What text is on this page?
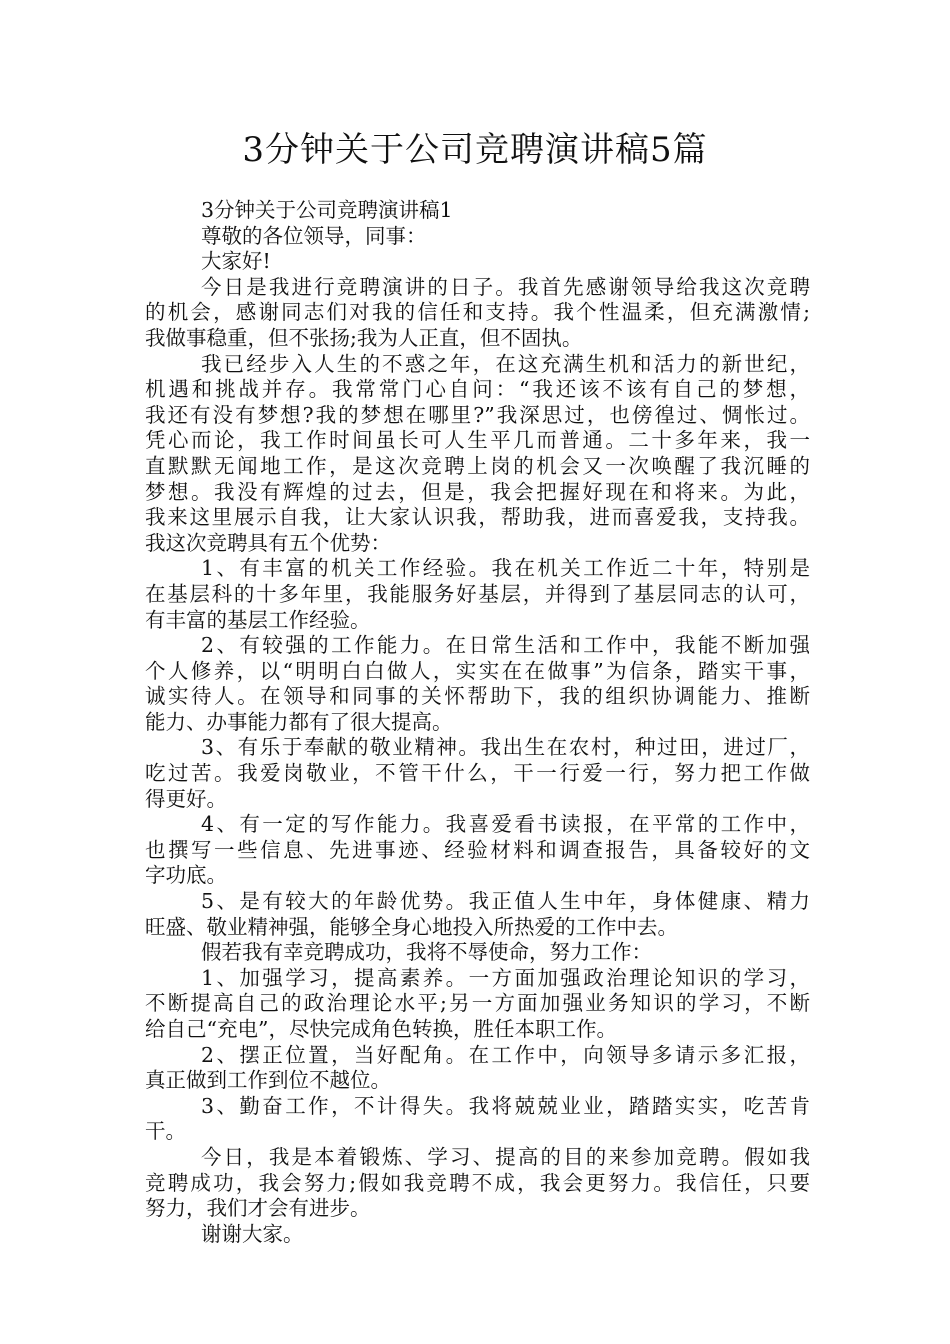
3分钟关于公司竞聘演讲稿5篇
3分钟关于公司竞聘演讲稿1
尊敬的各位领导，同事：
大家好!
今日是我进行竞聘演讲的日子。我首先感谢领导给我这次竞聘
的机会，感谢同志们对我的信任和支持。我个性温柔，但充满激情;
我做事稳重，但不张扬;我为人正直，但不固执。
我已经步入人生的不惑之年，在这充满生机和活力的新世纪，
机遇和挑战并存。我常常门心自问：“我还该不该有自己的梦想，
我还有没有梦想?我的梦想在哪里?”我深思过，也傍徨过、惆怅过。
凭心而论，我工作时间虽长可人生平几而普通。二十多年来，我一
直默默无闻地工作，是这次竞聘上岗的机会又一次唤醒了我沉睡的
梦想。我没有辉煌的过去，但是，我会把握好现在和将来。为此，
我来这里展示自我，让大家认识我，帮助我，进而喜爱我，支持我。
我这次竞聘具有五个优势：
1、有丰富的机关工作经验。我在机关工作近二十年，特别是
在基层科的十多年里，我能服务好基层，并得到了基层同志的认可，
有丰富的基层工作经验。
2、有较强的工作能力。在日常生活和工作中，我能不断加强
个人修养，以“明明白白做人，实实在在做事”为信条，踏实干事，
诚实待人。在领导和同事的关怀帮助下，我的组织协调能力、推断
能力、办事能力都有了很大提高。
3、有乐于奉献的敬业精神。我出生在农村，种过田，进过厂，
吃过苦。我爱岗敬业，不管干什么，干一行爱一行，努力把工作做
得更好。
4、有一定的写作能力。我喜爱看书读报，在平常的工作中，
也撰写一些信息、先进事迹、经验材料和调查报告，具备较好的文
字功底。
5、是有较大的年龄优势。我正值人生中年，身体健康、精力
旺盛、敬业精神强，能够全身心地投入所热爱的工作中去。
假若我有幸竞聘成功，我将不辱使命，努力工作：
1、加强学习，提高素养。一方面加强政治理论知识的学习，
不断提高自己的政治理论水平;另一方面加强业务知识的学习，不断
给自己“充电”，尽快完成角色转换，胜任本职工作。
2、摆正位置，当好配角。在工作中，向领导多请示多汇报，
真正做到工作到位不越位。
3、勤奋工作，不计得失。我将兢兢业业，踏踏实实，吃苦肯
干。
今日，我是本着锻炼、学习、提高的目的来参加竞聘。假如我
竞聘成功，我会努力;假如我竞聘不成，我会更努力。我信任，只要
努力，我们才会有进步。
谢谢大家。
